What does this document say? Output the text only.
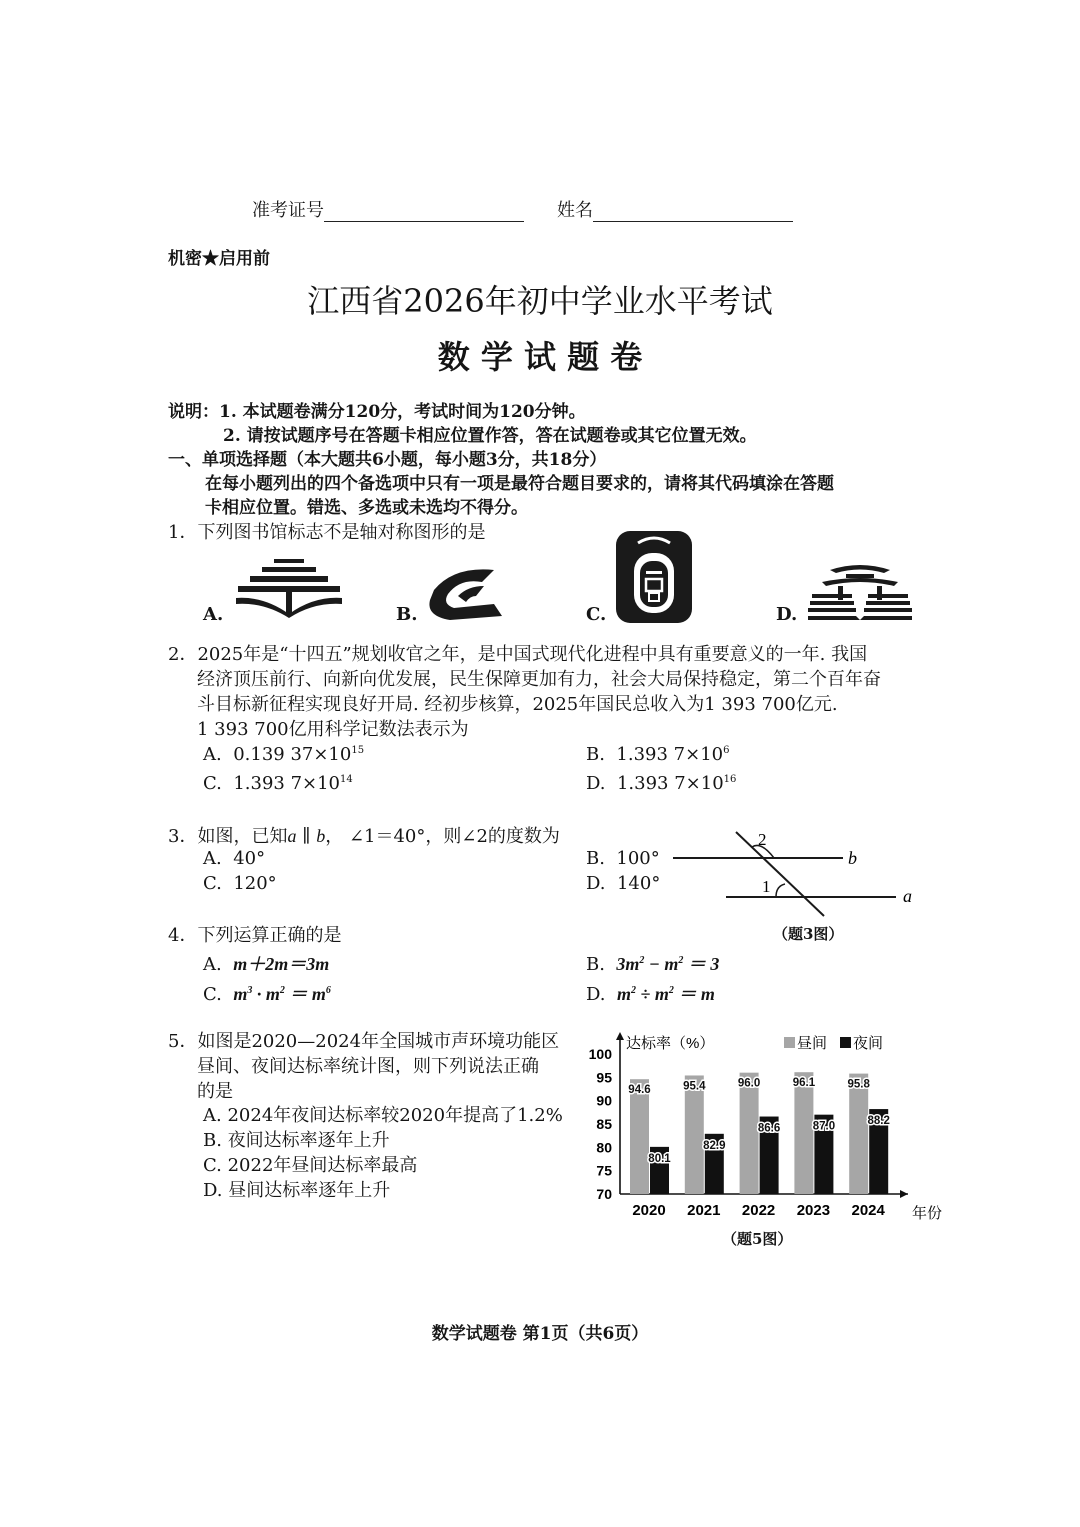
准考证号	姓名
机密★启用前
江西省2026年初中学业水平考试
数 学 试 题 卷
说明：1. 本试题卷满分120分，考试时间为120分钟。
2. 请按试题序号在答题卡相应位置作答，答在试题卷或其它位置无效。
一、单项选择题（本大题共6小题，每小题3分，共18分）
在每小题列出的四个备选项中只有一项是最符合题目要求的，请将其代码填涂在答题
卡相应位置。错选、多选或未选均不得分。
1．下列图书馆标志不是轴对称图形的是
A.	B.	C.	D.
2．2025年是“十四五”规划收官之年，是中国式现代化进程中具有重要意义的一年. 我国
经济顶压前行、向新向优发展，民生保障更加有力，社会大局保持稳定，第二个百年奋
斗目标新征程实现良好开局. 经初步核算，2025年国民总收入为1 393 700亿元.
1 393 700亿用科学记数法表示为
A. 0.139 $37\times 10^{15}$	B. 1.393 $7\times 10^6$
C. 1.393 $7\times 10^{14}$	D. 1.393 $7\times 10^{16}$
3．如图，已知a ∥ b， ∠1＝40°，则∠2的度数为
A. 40°	B. 100°
C. 120°	D. 140°
2
1
b
a
（题3图）
4．下列运算正确的是
A. m＋2m＝3m	B. $3m^2 - m^2 = 3$
C. $m^3 \cdot m^2 = m^6$	D. $m^2 \div m^2 = m$
5．如图是2020—2024年全国城市声环境功能区
昼间、夜间达标率统计图，则下列说法正确
的是
A. 2024年夜间达标率较2020年提高了1.2%
B. 夜间达标率逐年上升
C. 2022年昼间达标率最高
D. 昼间达标率逐年上升	70
75
80
85
90
95
100
达标率（%）
年份
昼间 夜间
94.6
80.1
2020
95.4
82.9
2021
96.0
86.6
2022
96.1
87.0
2023
95.8
88.2
2024
（题5图）
数学试题卷 第1页（共6页）
